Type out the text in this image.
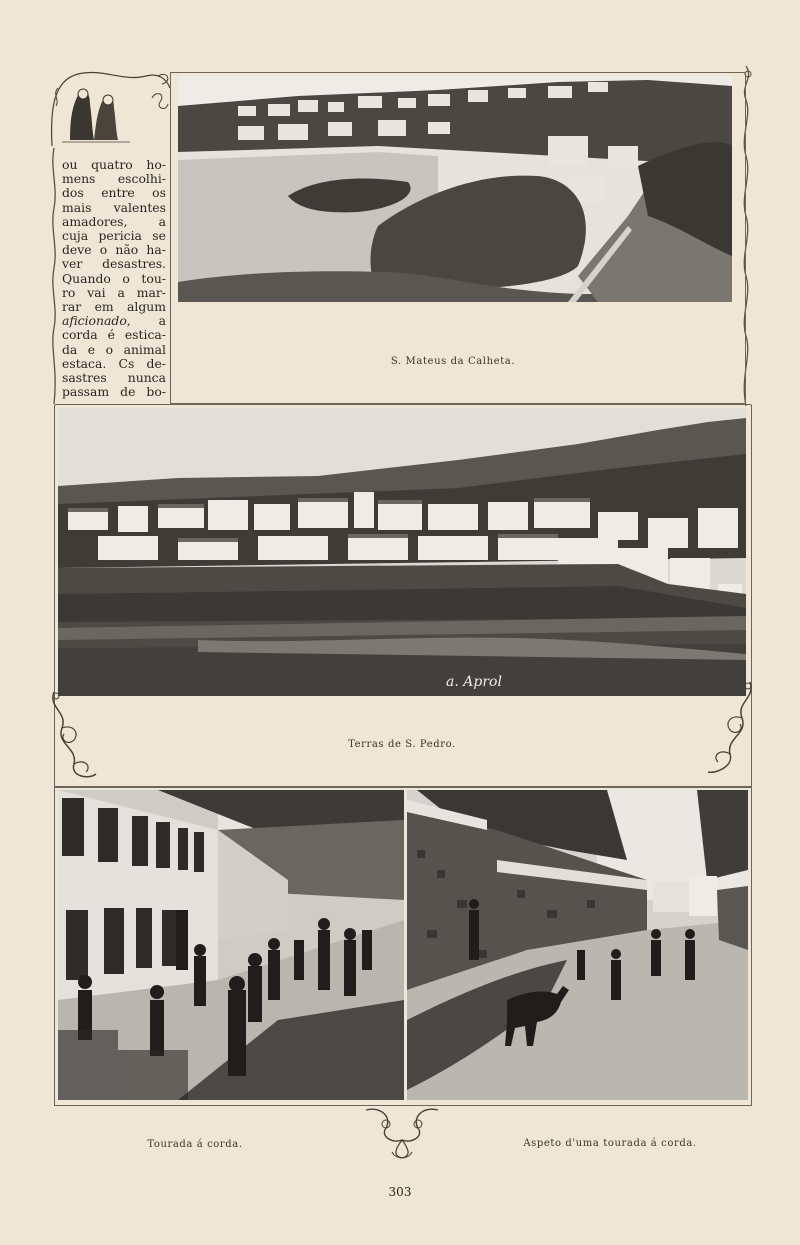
S. Mateus da Calheta.
ou quatro ho-
mens escolhi-
dos entre os
mais valentes
amadores, a
cuja pericia se
deve o não ha-
ver desastres.
Quando o tou-
ro vai a mar-
rar em algum
aficionado, a
corda é estica-
da e o animal
estaca. Cs de-
sastres nunca
passam de bo-
a. Aprol
Terras de S. Pedro.
Tourada á corda.	Aspeto d'uma tourada á corda.
303
